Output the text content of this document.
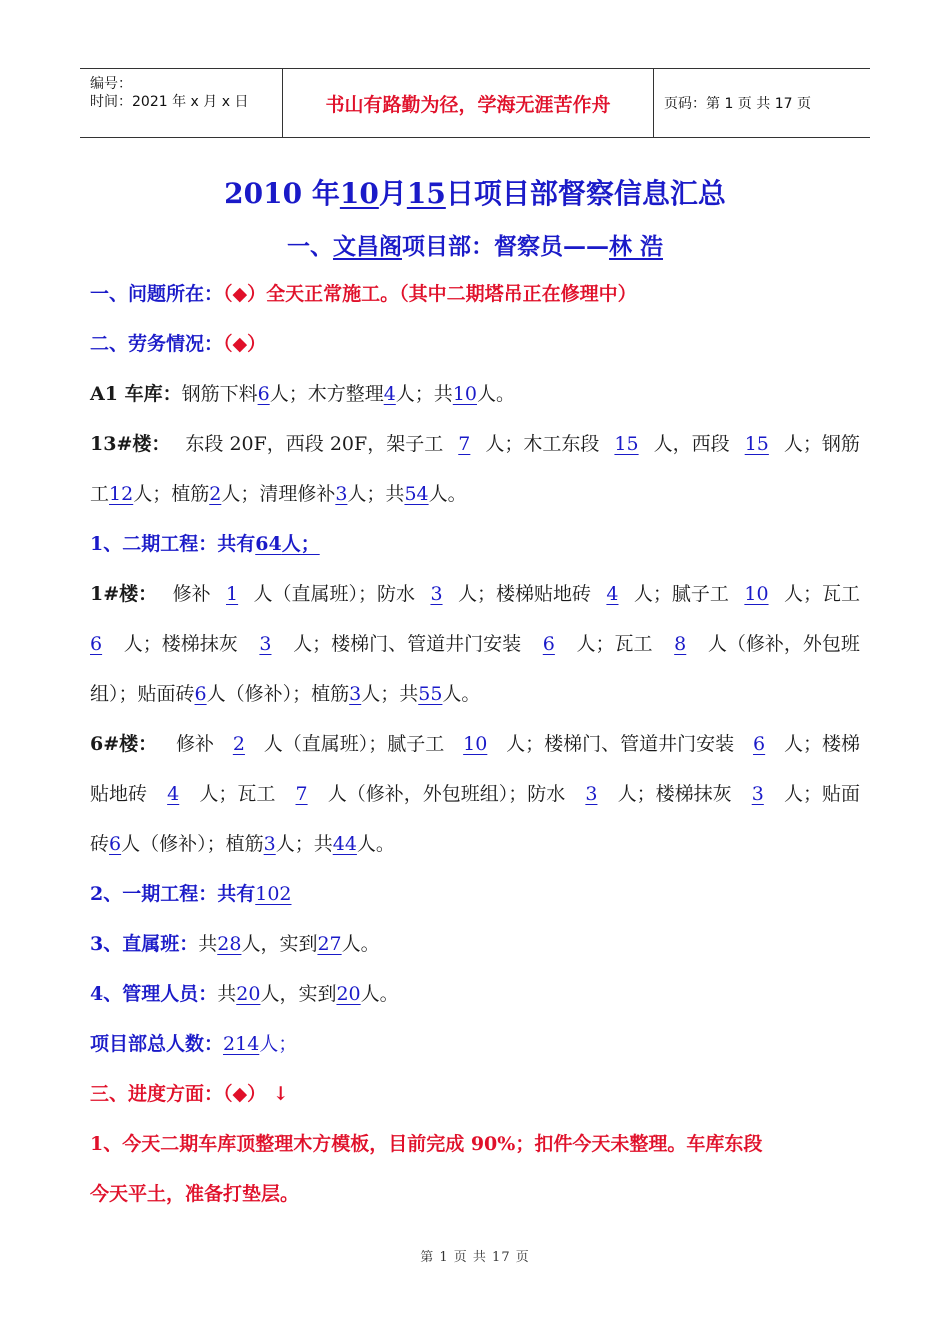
编号：
时间：2021 年 x 月 x 日	书山有路勤为径，学海无涯苦作舟	页码：第 1 页 共 17 页
2010 年10月15日项目部督察信息汇总
一、文昌阁项目部：督察员——林 浩
一、问题所在：（◆）全天正常施工。（其中二期塔吊正在修理中）
二、劳务情况：（◆）
A1 车库：钢筋下料6人；木方整理4人；共10人。
13#楼： 东段 20F，西段 20F，架子工 7 人；木工东段 15 人，西段 15 人；钢筋
工12人；植筋2人；清理修补3人；共54人。
1、二期工程：共有64人；
1#楼： 修补 1 人（直属班）；防水 3 人；楼梯贴地砖 4 人；腻子工 10 人；瓦工
6 人；楼梯抹灰 3 人；楼梯门、管道井门安装 6 人；瓦工 8 人（修补，外包班
组）；贴面砖6人（修补）；植筋3人；共55人。
6#楼： 修补 2 人（直属班）；腻子工 10 人；楼梯门、管道井门安装 6 人；楼梯
贴地砖 4 人；瓦工 7 人（修补，外包班组）；防水 3 人；楼梯抹灰 3 人；贴面
砖6人（修补）；植筋3人；共44人。
2、一期工程：共有102
3、直属班：共28人，实到27人。
4、管理人员：共20人，实到20人。
项目部总人数：214人；
三、进度方面：（◆） ↓
1、今天二期车库顶整理木方模板，目前完成 90%；扣件今天未整理。车库东段
今天平土，准备打垫层。
第 1 页 共 17 页
